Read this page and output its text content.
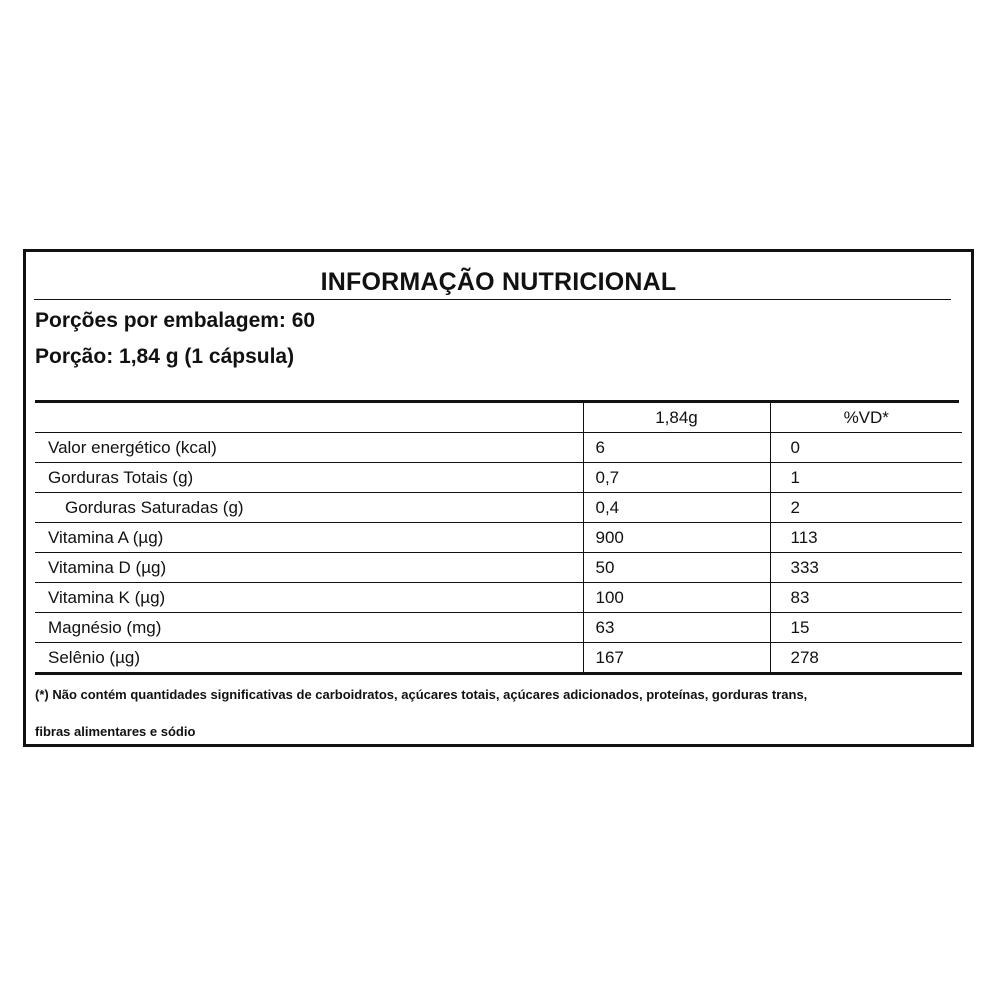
INFORMAÇÃO NUTRICIONAL
Porções por embalagem: 60
Porção: 1,84 g (1 cápsula)
	1,84g	%VD*
Valor energético (kcal)	6	0
Gorduras Totais (g)	0,7	1
Gorduras Saturadas (g)	0,4	2
Vitamina A (µg)	900	113
Vitamina D (µg)	50	333
Vitamina K (µg)	100	83
Magnésio (mg)	63	15
Selênio (µg)	167	278
(*) Não contém quantidades significativas de carboidratos, açúcares totais, açúcares adicionados, proteínas, gorduras trans,
fibras alimentares e sódio
